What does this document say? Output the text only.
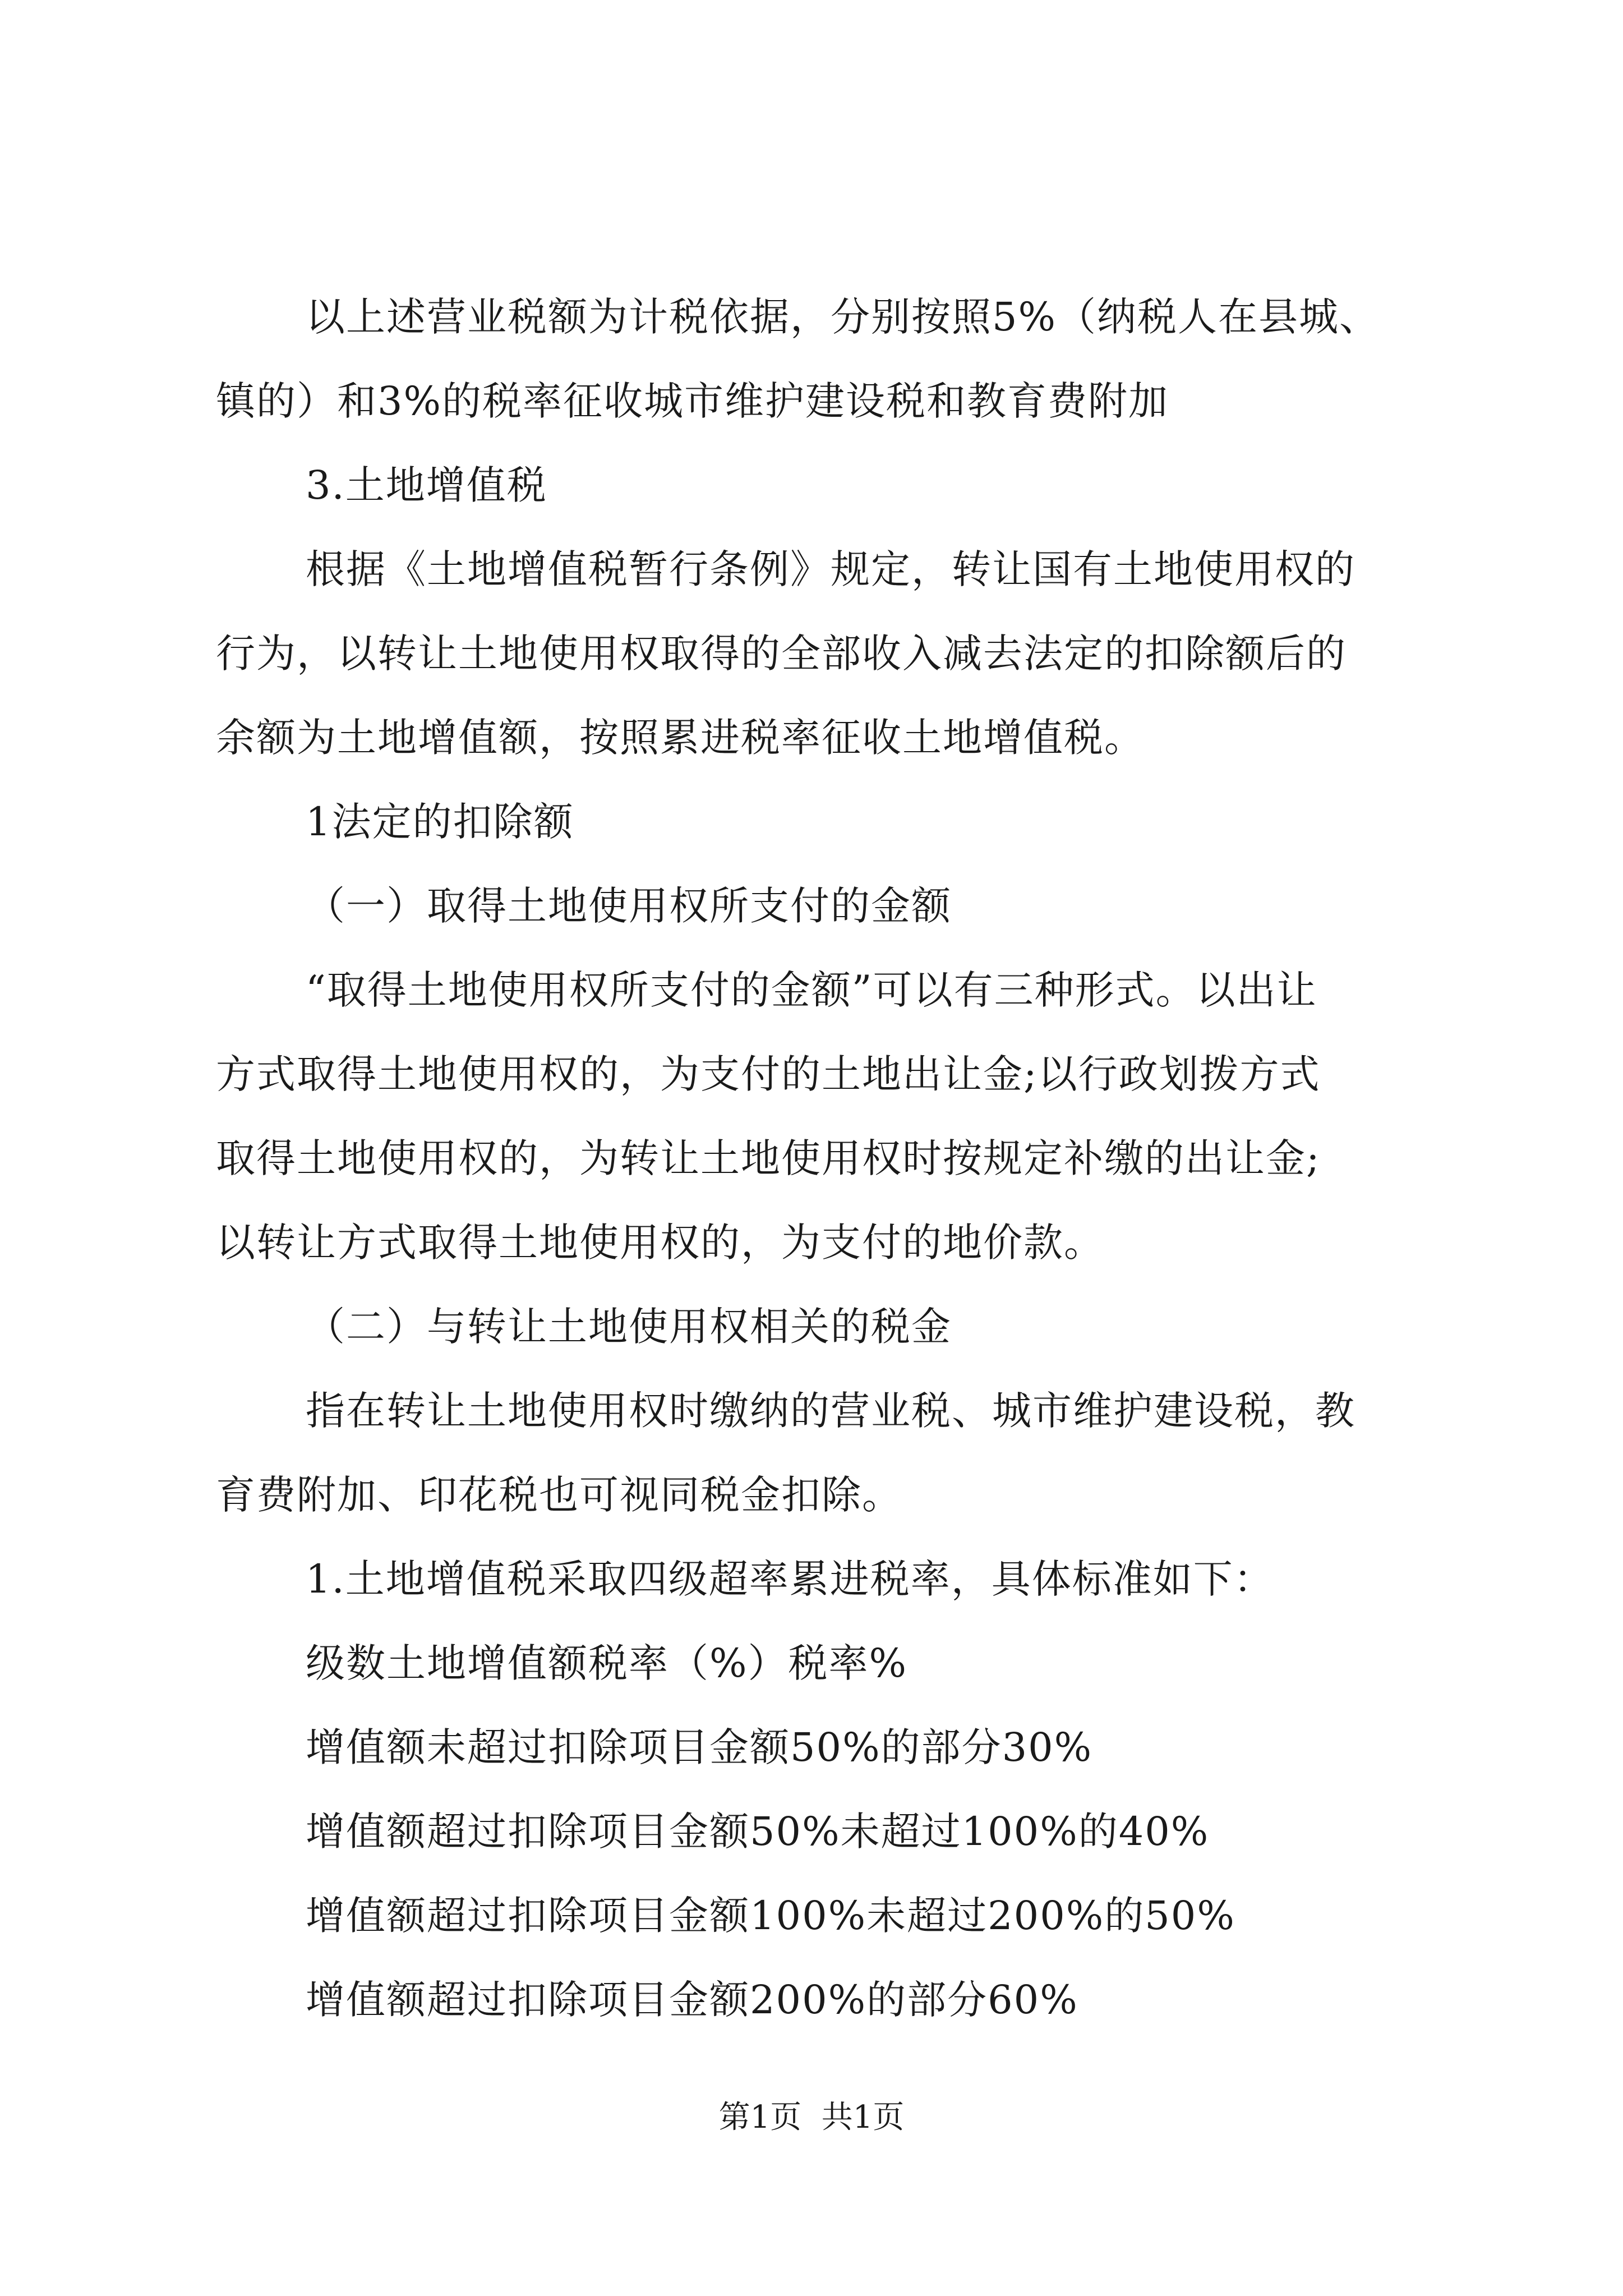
以上述营业税额为计税依据，分别按照5%（纳税人在县城、
镇的）和3%的税率征收城市维护建设税和教育费附加
3.土地增值税
根据《土地增值税暂行条例》规定，转让国有土地使用权的
行为，以转让土地使用权取得的全部收入减去法定的扣除额后的
余额为土地增值额，按照累进税率征收土地增值税。
1法定的扣除额
（一）取得土地使用权所支付的金额
“取得土地使用权所支付的金额”可以有三种形式。以出让
方式取得土地使用权的，为支付的土地出让金;以行政划拨方式
取得土地使用权的，为转让土地使用权时按规定补缴的出让金;
以转让方式取得土地使用权的，为支付的地价款。
（二）与转让土地使用权相关的税金
指在转让土地使用权时缴纳的营业税、城市维护建设税，教
育费附加、印花税也可视同税金扣除。
1.土地增值税采取四级超率累进税率，具体标准如下：
级数土地增值额税率（%）税率%
增值额未超过扣除项目金额50%的部分30%
增值额超过扣除项目金额50%未超过100%的40%
增值额超过扣除项目金额100%未超过200%的50%
增值额超过扣除项目金额200%的部分60%
第1页  共1页
